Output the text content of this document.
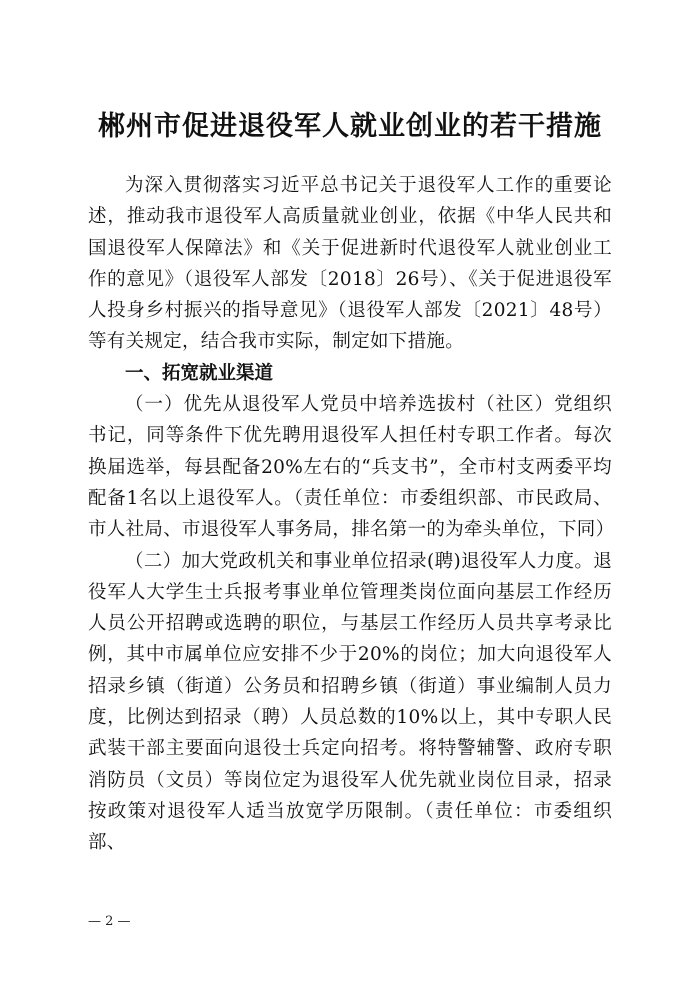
郴州市促进退役军人就业创业的若干措施

为深入贯彻落实习近平总书记关于退役军人工作的重要论述，推动我市退役军人高质量就业创业，依据《中华人民共和国退役军人保障法》和《关于促进新时代退役军人就业创业工作的意见》（退役军人部发〔2018〕26号）、《关于促进退役军人投身乡村振兴的指导意见》（退役军人部发〔2021〕48号）等有关规定，结合我市实际，制定如下措施。

一、拓宽就业渠道

（一）优先从退役军人党员中培养选拔村（社区）党组织书记，同等条件下优先聘用退役军人担任村专职工作者。每次换届选举，每县配备20%左右的“兵支书”，全市村支两委平均配备1名以上退役军人。（责任单位：市委组织部、市民政局、市人社局、市退役军人事务局，排名第一的为牵头单位，下同）

（二）加大党政机关和事业单位招录(聘)退役军人力度。退役军人大学生士兵报考事业单位管理类岗位面向基层工作经历人员公开招聘或选聘的职位，与基层工作经历人员共享考录比例，其中市属单位应安排不少于20%的岗位；加大向退役军人招录乡镇（街道）公务员和招聘乡镇（街道）事业编制人员力度，比例达到招录（聘）人员总数的10%以上，其中专职人民武装干部主要面向退役士兵定向招考。将特警辅警、政府专职消防员（文员）等岗位定为退役军人优先就业岗位目录，招录按政策对退役军人适当放宽学历限制。（责任单位：市委组织部、

— 2 —
